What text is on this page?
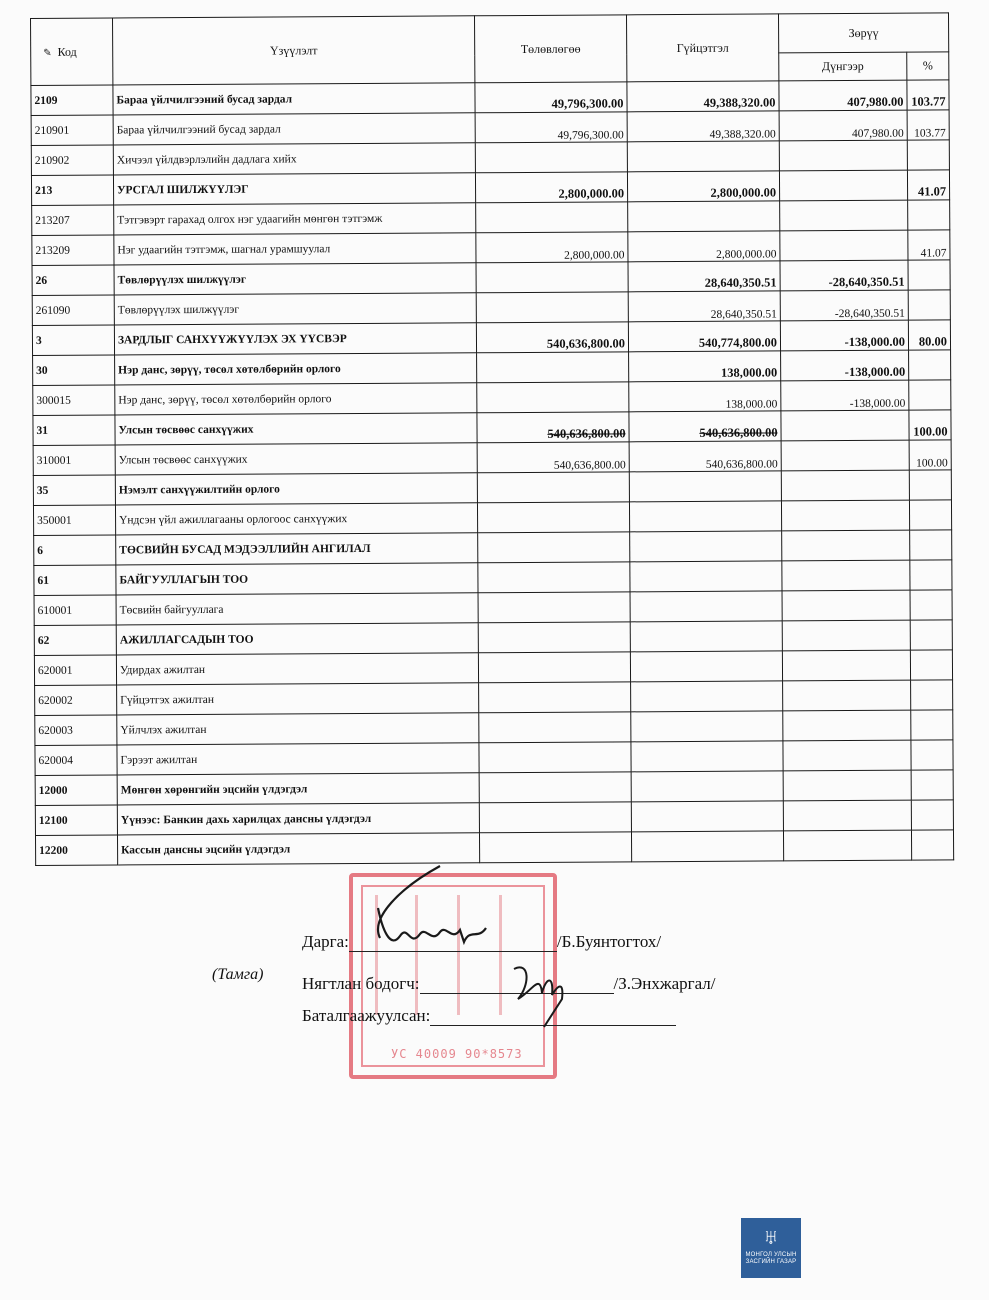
✎ Код	Үзүүлэлт	Төлөвлөгөө	Гүйцэтгэл	Зөрүү	
				Дүнгээр	%
2109	Бараа үйлчилгээний бусад зардал	49,796,300.00	49,388,320.00	407,980.00	103.77
210901	Бараа үйлчилгээний бусад зардал	49,796,300.00	49,388,320.00	407,980.00	103.77
210902	Хичээл үйлдвэрлэлийн дадлага хийх				
213	УРСГАЛ ШИЛЖҮҮЛЭГ	2,800,000.00	2,800,000.00		41.07
213207	Тэтгэвэрт гарахад олгох нэг удаагийн мөнгөн тэтгэмж				
213209	Нэг удаагийн тэтгэмж, шагнал урамшуулал	2,800,000.00	2,800,000.00		41.07
26	Төвлөрүүлэх шилжүүлэг		28,640,350.51	-28,640,350.51	
261090	Төвлөрүүлэх шилжүүлэг		28,640,350.51	-28,640,350.51	
3	ЗАРДЛЫГ САНХҮҮЖҮҮЛЭХ ЭХ ҮҮСВЭР	540,636,800.00	540,774,800.00	-138,000.00	80.00
30	Нэр данс, зөрүү, төсөл хөтөлбөрийн орлого		138,000.00	-138,000.00	
300015	Нэр данс, зөрүү, төсөл хөтөлбөрийн орлого		138,000.00	-138,000.00	
31	Улсын төсвөөс санхүүжих	540,636,800.00	540,636,800.00		100.00
310001	Улсын төсвөөс санхүүжих	540,636,800.00	540,636,800.00		100.00
35	Нэмэлт санхүүжилтийн орлого				
350001	Үндсэн үйл ажиллагааны орлогоос санхүүжих				
6	ТӨСВИЙН БУСАД МЭДЭЭЛЛИЙН АНГИЛАЛ				
61	БАЙГУУЛЛАГЫН ТОО				
610001	Төсвийн байгууллага				
62	АЖИЛЛАГСАДЫН ТОО				
620001	Удирдах ажилтан				
620002	Гүйцэтгэх ажилтан				
620003	Үйлчлэх ажилтан				
620004	Гэрээт ажилтан				
12000	Мөнгөн хөрөнгийн эцсийн үлдэгдэл				
12100	Үүнээс: Банкин дахь харилцах дансны үлдэгдэл				
12200	Кассын дансны эцсийн үлдэгдэл				
УС 40009 90*8573
(Тамга)
Дарга:	/Б.Буянтогтох/
Нягтлан бодогч:	/З.Энхжаргал/
Баталгаажуулсан:
♅
МОНГОЛ УЛСЫН ЗАСГИЙН ГАЗАР
